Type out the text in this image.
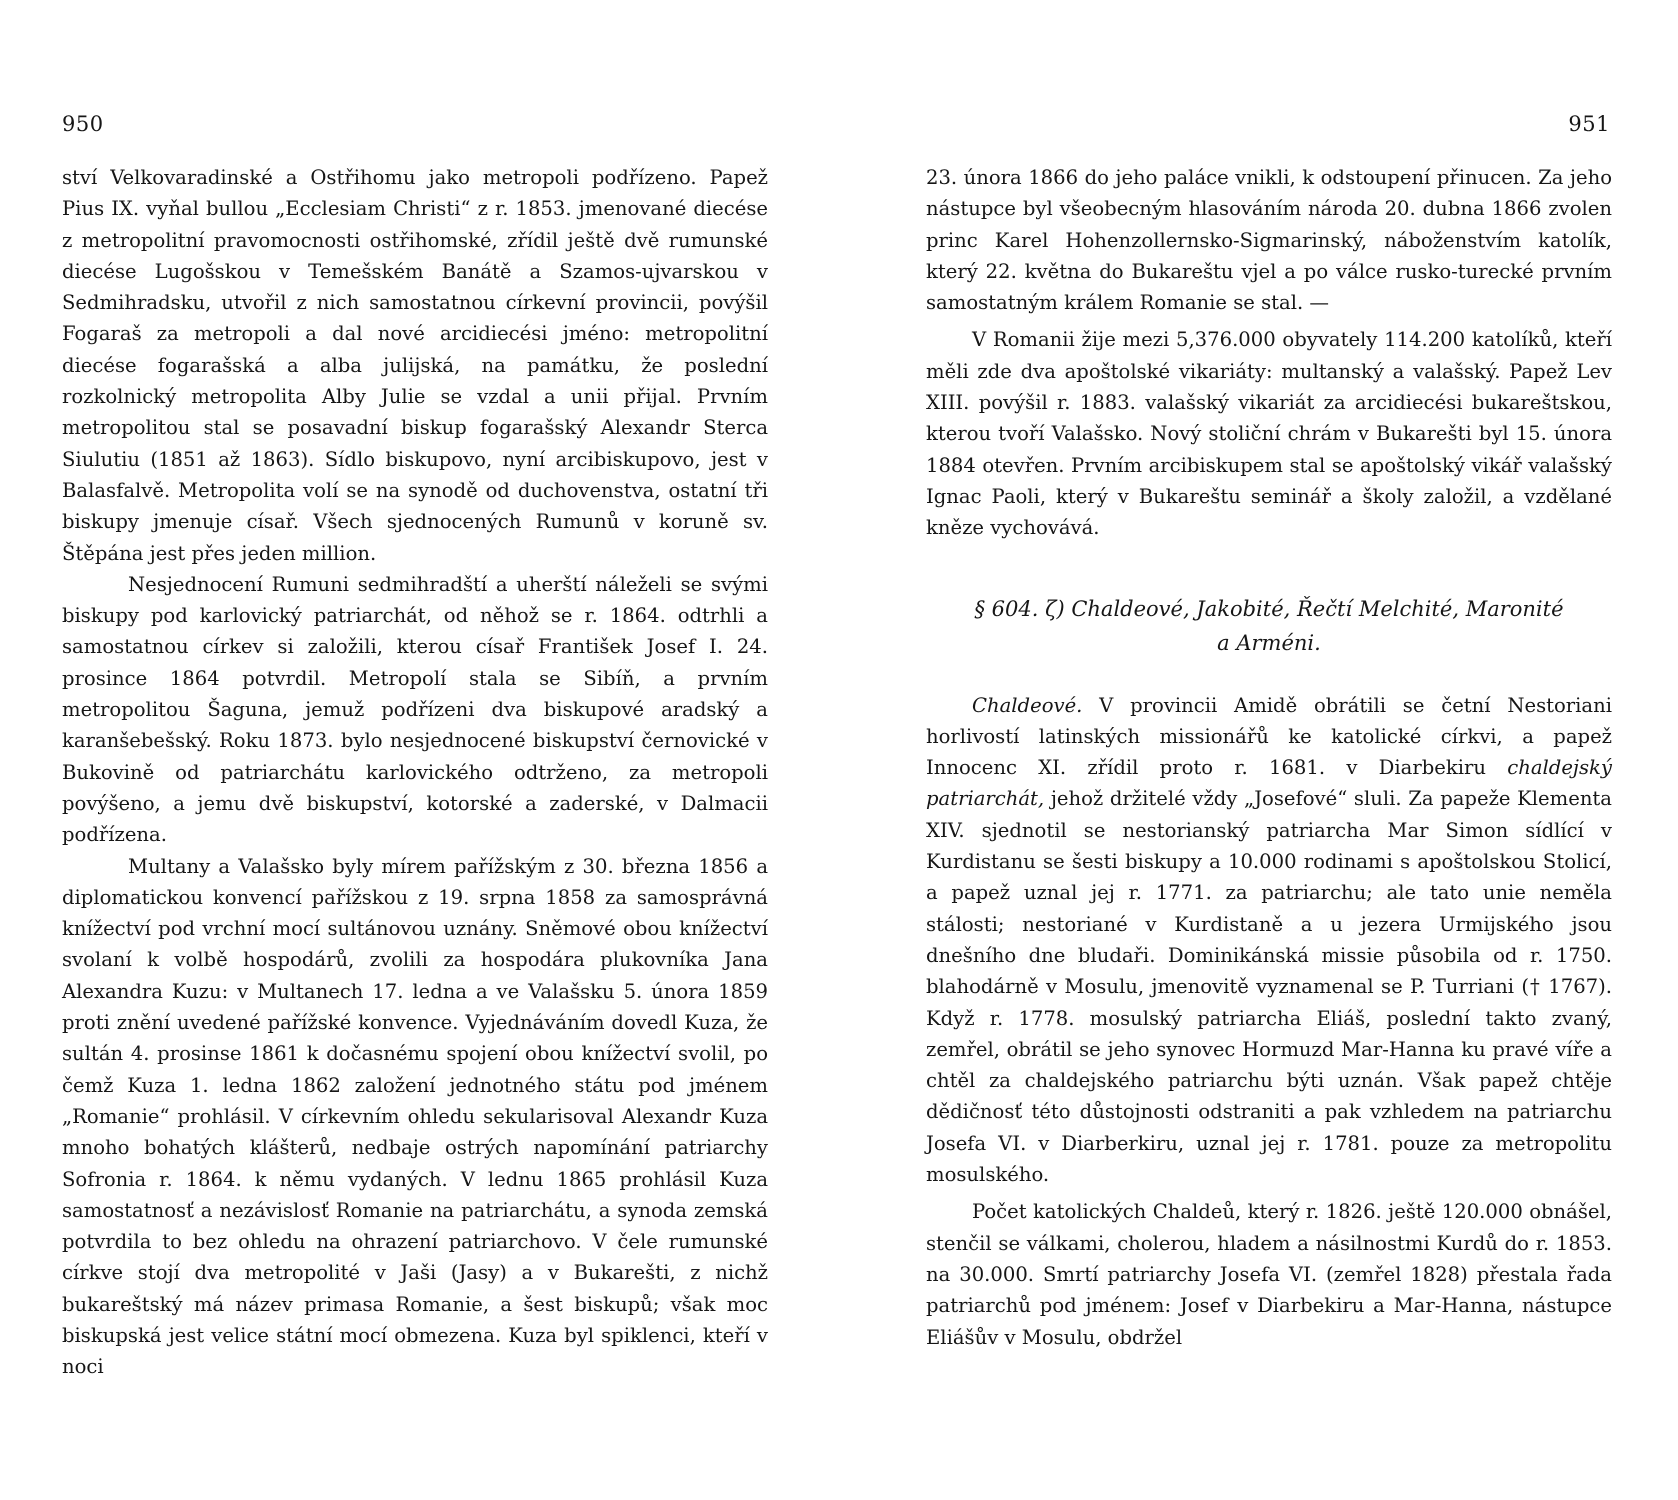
950

ství Velkovaradinské a Ostřihomu jako metropoli podřízeno. Papež Pius IX. vyňal bullou „Ecclesiam Christi“ z r. 1853. jmenované diecése z metropolitní pravomocnosti ostřihomské, zřídil ještě dvě rumunské diecése Lugošskou v Temešském Banátě a Szamos-ujvarskou v Sedmihradsku, utvořil z nich samostatnou církevní provincii, povýšil Fogaraš za metropoli a dal nové arcidiecési jméno: metropolitní diecése fogarašská a alba julijská, na památku, že poslední rozkolnický metropolita Alby Julie se vzdal a unii přijal. Prvním metropolitou stal se posavadní biskup fogarašský Alexandr Sterca Siulutiu (1851 až 1863). Sídlo biskupovo, nyní arcibiskupovo, jest v Balasfalvě. Metropolita volí se na synodě od duchovenstva, ostatní tři biskupy jmenuje císař. Všech sjednocených Rumunů v koruně sv. Štěpána jest přes jeden million.

Nesjednocení Rumuni sedmihradští a uherští náleželi se svými biskupy pod karlovický patriarchát, od něhož se r. 1864. odtrhli a samostatnou církev si založili, kterou císař František Josef I. 24. prosince 1864 potvrdil. Metropolí stala se Sibíň, a prvním metropolitou Šaguna, jemuž podřízeni dva biskupové aradský a karanšebešský. Roku 1873. bylo nesjednocené biskupství černovické v Bukovině od patriarchátu karlovického odtrženo, za metropoli povýšeno, a jemu dvě biskupství, kotorské a zaderské, v Dalmacii podřízena.

Multany a Valašsko byly mírem pařížským z 30. března 1856 a diplomatickou konvencí pařížskou z 19. srpna 1858 za samosprávná knížectví pod vrchní mocí sultánovou uznány. Sněmové obou knížectví svolaní k volbě hospodárů, zvolili za hospodára plukovníka Jana Alexandra Kuzu: v Multanech 17. ledna a ve Valašsku 5. února 1859 proti znění uvedené pařížské konvence. Vyjednáváním dovedl Kuza, že sultán 4. prosinse 1861 k dočasnému spojení obou knížectví svolil, po čemž Kuza 1. ledna 1862 založení jednotného státu pod jménem „Romanie“ prohlásil. V církevním ohledu sekularisoval Alexandr Kuza mnoho bohatých klášterů, nedbaje ostrých napomínání patriarchy Sofronia r. 1864. k němu vydaných. V lednu 1865 prohlásil Kuza samostatnosť a nezávislosť Romanie na patriarchátu, a synoda zemská potvrdila to bez ohledu na ohrazení patriarchovo. V čele rumunské církve stojí dva metropolité v Jaši (Jasy) a v Bukarešti, z nichž bukareštský má název primasa Romanie, a šest biskupů; však moc biskupská jest velice státní mocí obmezena. Kuza byl spiklenci, kteří v noci

951

23. února 1866 do jeho paláce vnikli, k odstoupení přinucen. Za jeho nástupce byl všeobecným hlasováním národa 20. dubna 1866 zvolen princ Karel Hohenzollernsko-Sigmarinský, náboženstvím katolík, který 22. května do Bukareštu vjel a po válce rusko-turecké prvním samostatným králem Romanie se stal. —

V Romanii žije mezi 5,376.000 obyvately 114.200 katolíků, kteří měli zde dva apoštolské vikariáty: multanský a valašský. Papež Lev XIII. povýšil r. 1883. valašský vikariát za arcidiecési bukareštskou, kterou tvoří Valašsko. Nový stoliční chrám v Bukarešti byl 15. února 1884 otevřen. Prvním arcibiskupem stal se apoštolský vikář valašský Ignac Paoli, který v Bukareštu seminář a školy založil, a vzdělané kněze vychovává.

§ 604. ζ) Chaldeové, Jakobité, Řečtí Melchité, Maronité
a Arméni.

Chaldeové. V provincii Amidě obrátili se četní Nestoriani horlivostí latinských missionářů ke katolické církvi, a papež Innocenc XI. zřídil proto r. 1681. v Diarbekiru chaldejský patriarchát, jehož držitelé vždy „Josefové“ sluli. Za papeže Klementa XIV. sjednotil se nestorianský patriarcha Mar Simon sídlící v Kurdistanu se šesti biskupy a 10.000 rodinami s apoštolskou Stolicí, a papež uznal jej r. 1771. za patriarchu; ale tato unie neměla stálosti; nestoriané v Kurdistaně a u jezera Urmijského jsou dnešního dne bludaři. Dominikánská missie působila od r. 1750. blahodárně v Mosulu, jmenovitě vyznamenal se P. Turriani († 1767). Když r. 1778. mosulský patriarcha Eliáš, poslední takto zvaný, zemřel, obrátil se jeho synovec Hormuzd Mar-Hanna ku pravé víře a chtěl za chaldejského patriarchu býti uznán. Však papež chtěje dědičnosť této důstojnosti odstraniti a pak vzhledem na patriarchu Josefa VI. v Diarberkiru, uznal jej r. 1781. pouze za metropolitu mosulského.

Počet katolických Chaldeů, který r. 1826. ještě 120.000 obnášel, stenčil se válkami, cholerou, hladem a násilnostmi Kurdů do r. 1853. na 30.000. Smrtí patriarchy Josefa VI. (zemřel 1828) přestala řada patriarchů pod jménem: Josef v Diarbekiru a Mar-Hanna, nástupce Eliášův v Mosulu, obdržel
